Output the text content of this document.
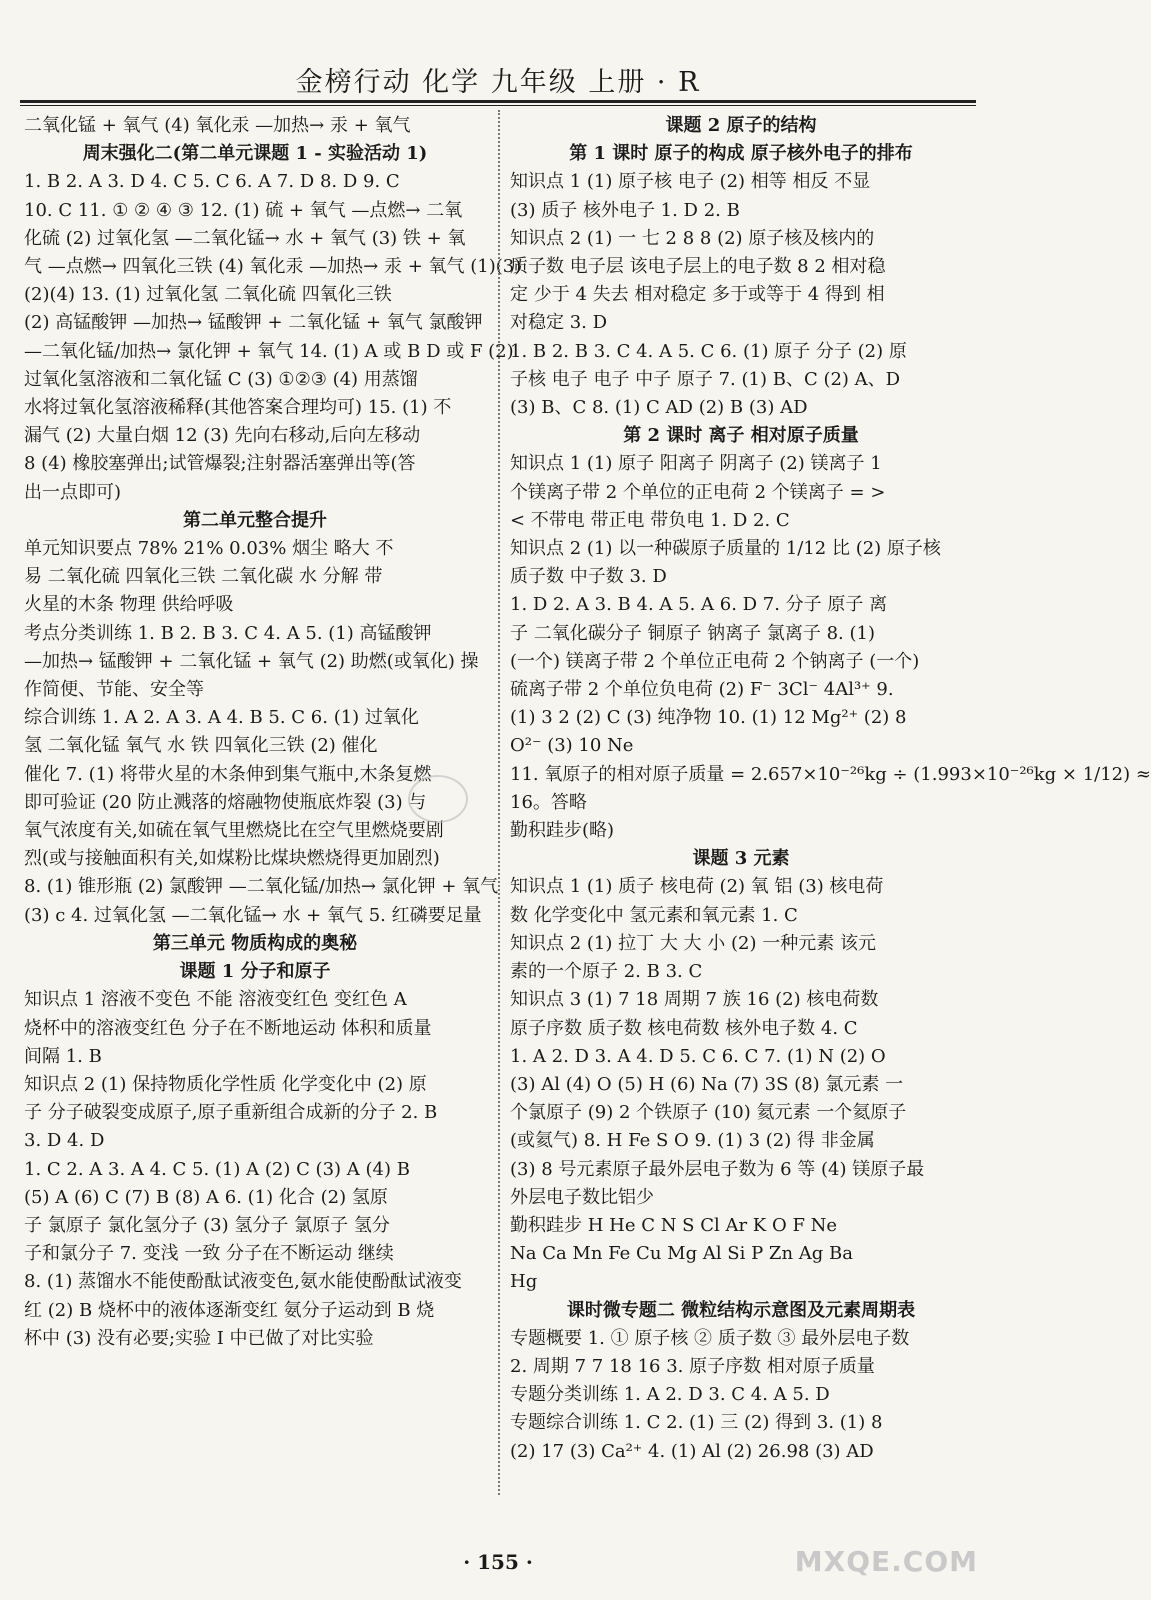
金榜行动 化学 九年级 上册 · R
二氧化锰 + 氧气 (4) 氧化汞 —加热→ 汞 + 氧气
周末强化二(第二单元课题 1 - 实验活动 1)
1. B 2. A 3. D 4. C 5. C 6. A 7. D 8. D 9. C
10. C 11. ① ② ④ ③ 12. (1) 硫 + 氧气 —点燃→ 二氧
化硫 (2) 过氧化氢 —二氧化锰→ 水 + 氧气 (3) 铁 + 氧
气 —点燃→ 四氧化三铁 (4) 氧化汞 —加热→ 汞 + 氧气 (1)(3)
(2)(4) 13. (1) 过氧化氢 二氧化硫 四氧化三铁
(2) 高锰酸钾 —加热→ 锰酸钾 + 二氧化锰 + 氧气 氯酸钾
—二氧化锰/加热→ 氯化钾 + 氧气 14. (1) A 或 B D 或 F (2)
过氧化氢溶液和二氧化锰 C (3) ①②③ (4) 用蒸馏
水将过氧化氢溶液稀释(其他答案合理均可) 15. (1) 不
漏气 (2) 大量白烟 12 (3) 先向右移动,后向左移动
8 (4) 橡胶塞弹出;试管爆裂;注射器活塞弹出等(答
出一点即可)
第二单元整合提升
单元知识要点 78% 21% 0.03% 烟尘 略大 不
易 二氧化硫 四氧化三铁 二氧化碳 水 分解 带
火星的木条 物理 供给呼吸
考点分类训练 1. B 2. B 3. C 4. A 5. (1) 高锰酸钾
—加热→ 锰酸钾 + 二氧化锰 + 氧气 (2) 助燃(或氧化) 操
作简便、节能、安全等
综合训练 1. A 2. A 3. A 4. B 5. C 6. (1) 过氧化
氢 二氧化锰 氧气 水 铁 四氧化三铁 (2) 催化
催化 7. (1) 将带火星的木条伸到集气瓶中,木条复燃
即可验证 (20 防止溅落的熔融物使瓶底炸裂 (3) 与
氧气浓度有关,如硫在氧气里燃烧比在空气里燃烧要剧
烈(或与接触面积有关,如煤粉比煤块燃烧得更加剧烈)
8. (1) 锥形瓶 (2) 氯酸钾 —二氧化锰/加热→ 氯化钾 + 氧气
(3) c 4. 过氧化氢 —二氧化锰→ 水 + 氧气 5. 红磷要足量
第三单元 物质构成的奥秘
课题 1 分子和原子
知识点 1 溶液不变色 不能 溶液变红色 变红色 A
烧杯中的溶液变红色 分子在不断地运动 体积和质量
间隔 1. B
知识点 2 (1) 保持物质化学性质 化学变化中 (2) 原
子 分子破裂变成原子,原子重新组合成新的分子 2. B
3. D 4. D
1. C 2. A 3. A 4. C 5. (1) A (2) C (3) A (4) B
(5) A (6) C (7) B (8) A 6. (1) 化合 (2) 氢原
子 氯原子 氯化氢分子 (3) 氢分子 氯原子 氢分
子和氯分子 7. 变浅 一致 分子在不断运动 继续
8. (1) 蒸馏水不能使酚酞试液变色,氨水能使酚酞试液变
红 (2) B 烧杯中的液体逐渐变红 氨分子运动到 B 烧
杯中 (3) 没有必要;实验 Ⅰ 中已做了对比实验
课题 2 原子的结构
第 1 课时 原子的构成 原子核外电子的排布
知识点 1 (1) 原子核 电子 (2) 相等 相反 不显
(3) 质子 核外电子 1. D 2. B
知识点 2 (1) 一 七 2 8 8 (2) 原子核及核内的
质子数 电子层 该电子层上的电子数 8 2 相对稳
定 少于 4 失去 相对稳定 多于或等于 4 得到 相
对稳定 3. D
1. B 2. B 3. C 4. A 5. C 6. (1) 原子 分子 (2) 原
子核 电子 电子 中子 原子 7. (1) B、C (2) A、D
(3) B、C 8. (1) C AD (2) B (3) AD
第 2 课时 离子 相对原子质量
知识点 1 (1) 原子 阳离子 阴离子 (2) 镁离子 1
个镁离子带 2 个单位的正电荷 2 个镁离子 = >
< 不带电 带正电 带负电 1. D 2. C
知识点 2 (1) 以一种碳原子质量的 1/12 比 (2) 原子核
质子数 中子数 3. D
1. D 2. A 3. B 4. A 5. A 6. D 7. 分子 原子 离
子 二氧化碳分子 铜原子 钠离子 氯离子 8. (1)
(一个) 镁离子带 2 个单位正电荷 2 个钠离子 (一个)
硫离子带 2 个单位负电荷 (2) F⁻ 3Cl⁻ 4Al³⁺ 9.
(1) 3 2 (2) C (3) 纯净物 10. (1) 12 Mg²⁺ (2) 8
O²⁻ (3) 10 Ne
11. 氧原子的相对原子质量 = 2.657×10⁻²⁶kg ÷ (1.993×10⁻²⁶kg × 1/12) ≈
16。答略
勤积跬步(略)
课题 3 元素
知识点 1 (1) 质子 核电荷 (2) 氧 铝 (3) 核电荷
数 化学变化中 氢元素和氧元素 1. C
知识点 2 (1) 拉丁 大 大 小 (2) 一种元素 该元
素的一个原子 2. B 3. C
知识点 3 (1) 7 18 周期 7 族 16 (2) 核电荷数
原子序数 质子数 核电荷数 核外电子数 4. C
1. A 2. D 3. A 4. D 5. C 6. C 7. (1) N (2) O
(3) Al (4) O (5) H (6) Na (7) 3S (8) 氯元素 一
个氯原子 (9) 2 个铁原子 (10) 氦元素 一个氦原子
(或氦气) 8. H Fe S O 9. (1) 3 (2) 得 非金属
(3) 8 号元素原子最外层电子数为 6 等 (4) 镁原子最
外层电子数比铝少
勤积跬步 H He C N S Cl Ar K O F Ne
Na Ca Mn Fe Cu Mg Al Si P Zn Ag Ba
Hg
课时微专题二 微粒结构示意图及元素周期表
专题概要 1. ① 原子核 ② 质子数 ③ 最外层电子数
2. 周期 7 7 18 16 3. 原子序数 相对原子质量
专题分类训练 1. A 2. D 3. C 4. A 5. D
专题综合训练 1. C 2. (1) 三 (2) 得到 3. (1) 8
(2) 17 (3) Ca²⁺ 4. (1) Al (2) 26.98 (3) AD
· 155 ·	MXQE.COM
